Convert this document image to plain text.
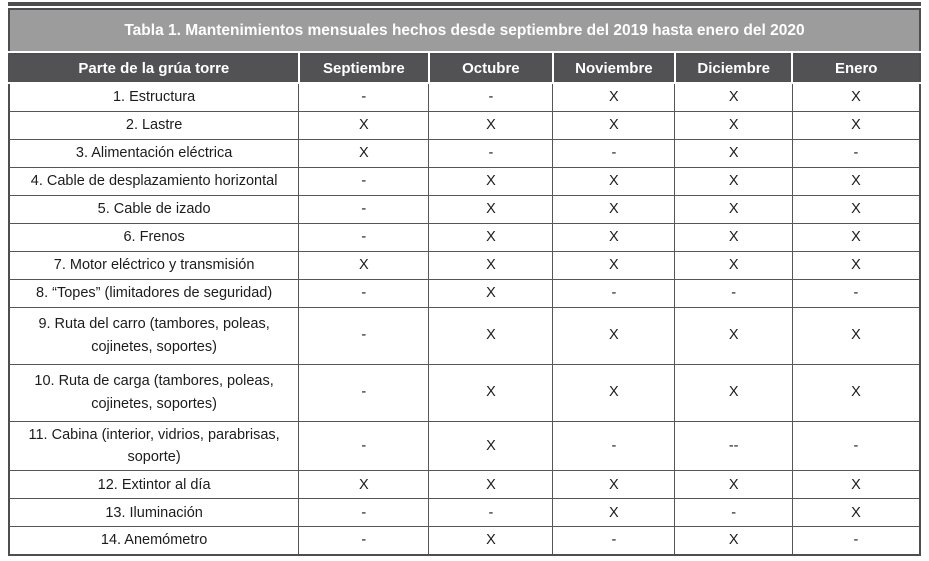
Tabla 1. Mantenimientos mensuales hechos desde septiembre del 2019 hasta enero del 2020
Parte de la grúa torre	Septiembre	Octubre	Noviembre	Diciembre	Enero
1. Estructura	-	-	X	X	X
2. Lastre	X	X	X	X	X
3. Alimentación eléctrica	X	-	-	X	-
4. Cable de desplazamiento horizontal	-	X	X	X	X
5. Cable de izado	-	X	X	X	X
6. Frenos	-	X	X	X	X
7. Motor eléctrico y transmisión	X	X	X	X	X
8. “Topes” (limitadores de seguridad)	-	X	-	-	-
9. Ruta del carro (tambores, poleas, cojinetes, soportes)	-	X	X	X	X
10. Ruta de carga (tambores, poleas, cojinetes, soportes)	-	X	X	X	X
11. Cabina (interior, vidrios, parabrisas, soporte)	-	X	-	--	-
12. Extintor al día	X	X	X	X	X
13. Iluminación	-	-	X	-	X
14. Anemómetro	-	X	-	X	-
